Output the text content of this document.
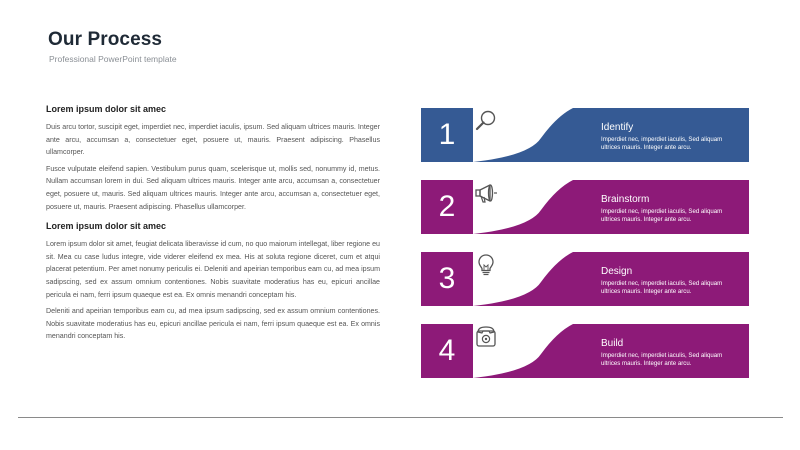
Our Process
Professional PowerPoint template
Lorem ipsum dolor sit amec

Duis arcu tortor, suscipit eget, imperdiet nec, imperdiet iaculis, ipsum. Sed aliquam ultrices mauris. Integer ante arcu, accumsan a, consectetuer eget, posuere ut, mauris. Praesent adipiscing. Phasellus ullamcorper.

Fusce vulputate eleifend sapien. Vestibulum purus quam, scelerisque ut, mollis sed, nonummy id, metus. Nullam accumsan lorem in dui. Sed aliquam ultrices mauris. Integer ante arcu, accumsan a, consectetuer eget, posuere ut, mauris. Sed aliquam ultrices mauris. Integer ante arcu, accumsan a, consectetuer eget, posuere ut, mauris. Praesent adipiscing. Phasellus ullamcorper.

Lorem ipsum dolor sit amec

Lorem ipsum dolor sit amet, feugiat delicata liberavisse id cum, no quo maiorum intellegat, liber regione eu sit. Mea cu case ludus integre, vide viderer eleifend ex mea. His at soluta regione diceret, cum et atqui placerat petentium. Per amet nonumy periculis ei. Deleniti and apeirian temporibus eam cu, ad mea ipsum sadipscing, sed ex assum omnium contentiones. Nobis suavitate moderatius has eu, epicuri ancillae pericula ei nam, ferri ipsum quaeque est ea. Ex omnis menandri conceptam his.

Deleniti and apeirian temporibus eam cu, ad mea ipsum sadipscing, sed ex assum omnium contentiones. Nobis suavitate moderatius has eu, epicuri ancillae pericula ei nam, ferri ipsum quaeque est ea. Ex omnis menandri conceptam his.

1	Identify
Imperdiet nec, imperdiet iaculis, Sed aliquam ultrices mauris. Integer ante arcu.
2	Brainstorm
Imperdiet nec, imperdiet iaculis, Sed aliquam ultrices mauris. Integer ante arcu.
3	Design
Imperdiet nec, imperdiet iaculis, Sed aliquam ultrices mauris. Integer ante arcu.
4	Build
Imperdiet nec, imperdiet iaculis, Sed aliquam ultrices mauris. Integer ante arcu.
